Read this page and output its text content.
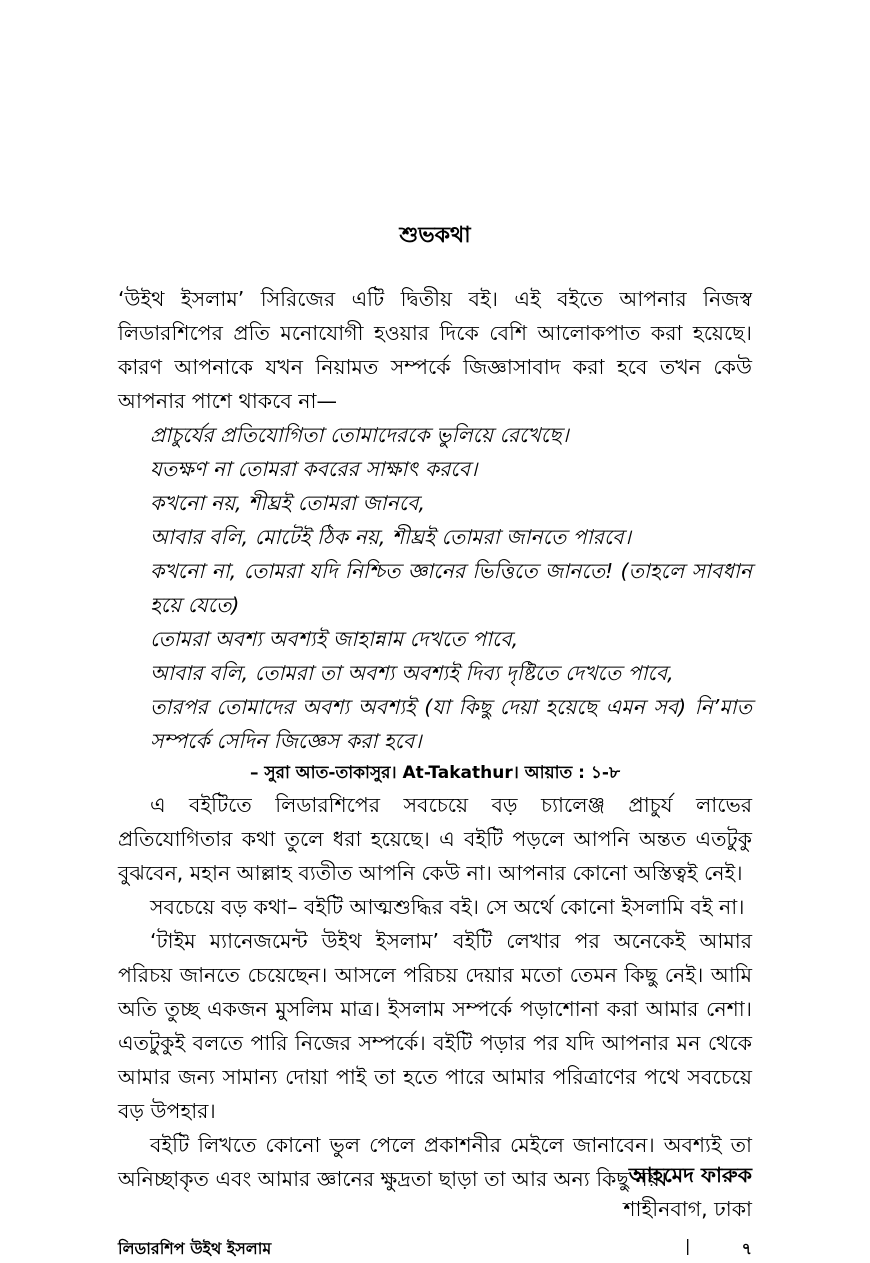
শুভকথা
‘উইথ ইসলাম’ সিরিজের এটি দ্বিতীয় বই। এই বইতে আপনার নিজস্ব লিডারশিপের প্রতি মনোযোগী হওয়ার দিকে বেশি আলোকপাত করা হয়েছে। কারণ আপনাকে যখন নিয়ামত সম্পর্কে জিজ্ঞাসাবাদ করা হবে তখন কেউ আপনার পাশে থাকবে না—
প্রাচুর্যের প্রতিযোগিতা তোমাদেরকে ভুলিয়ে রেখেছে।
যতক্ষণ না তোমরা কবরের সাক্ষাৎ করবে।
কখনো নয়, শীঘ্রই তোমরা জানবে,
আবার বলি, মোটেই ঠিক নয়, শীঘ্রই তোমরা জানতে পারবে।
কখনো না, তোমরা যদি নিশ্চিত জ্ঞানের ভিত্তিতে জানতে! (তাহলে সাবধান হয়ে যেতে)
তোমরা অবশ্য অবশ্যই জাহান্নাম দেখতে পাবে,
আবার বলি, তোমরা তা অবশ্য অবশ্যই দিব্য দৃষ্টিতে দেখতে পাবে,
তারপর তোমাদের অবশ্য অবশ্যই (যা কিছু দেয়া হয়েছে এমন সব) নি’মাত সম্পর্কে সেদিন জিজ্ঞেস করা হবে।
– সুরা আত-তাকাসুর। At-Takathur। আয়াত : ১-৮

এ বইটিতে লিডারশিপের সবচেয়ে বড় চ্যালেঞ্জ প্রাচুর্য লাভের প্রতিযোগিতার কথা তুলে ধরা হয়েছে। এ বইটি পড়লে আপনি অন্তত এতটুকু বুঝবেন, মহান আল্লাহ ব্যতীত আপনি কেউ না। আপনার কোনো অস্তিত্বই নেই।

সবচেয়ে বড় কথা– বইটি আত্মশুদ্ধির বই। সে অর্থে কোনো ইসলামি বই না।

‘টাইম ম্যানেজমেন্ট উইথ ইসলাম’ বইটি লেখার পর অনেকেই আমার পরিচয় জানতে চেয়েছেন। আসলে পরিচয় দেয়ার মতো তেমন কিছু নেই। আমি অতি তুচ্ছ একজন মুসলিম মাত্র। ইসলাম সম্পর্কে পড়াশোনা করা আমার নেশা। এতটুকুই বলতে পারি নিজের সম্পর্কে। বইটি পড়ার পর যদি আপনার মন থেকে আমার জন্য সামান্য দোয়া পাই তা হতে পারে আমার পরিত্রাণের পথে সবচেয়ে বড় উপহার।

বইটি লিখতে কোনো ভুল পেলে প্রকাশনীর মেইলে জানাবেন। অবশ্যই তা অনিচ্ছাকৃত এবং আমার জ্ঞানের ক্ষুদ্রতা ছাড়া তা আর অন্য কিছু নয়।

আহমেদ ফারুক
শাহীনবাগ, ঢাকা
লিডারশিপ উইথ ইসলাম	|	৭
